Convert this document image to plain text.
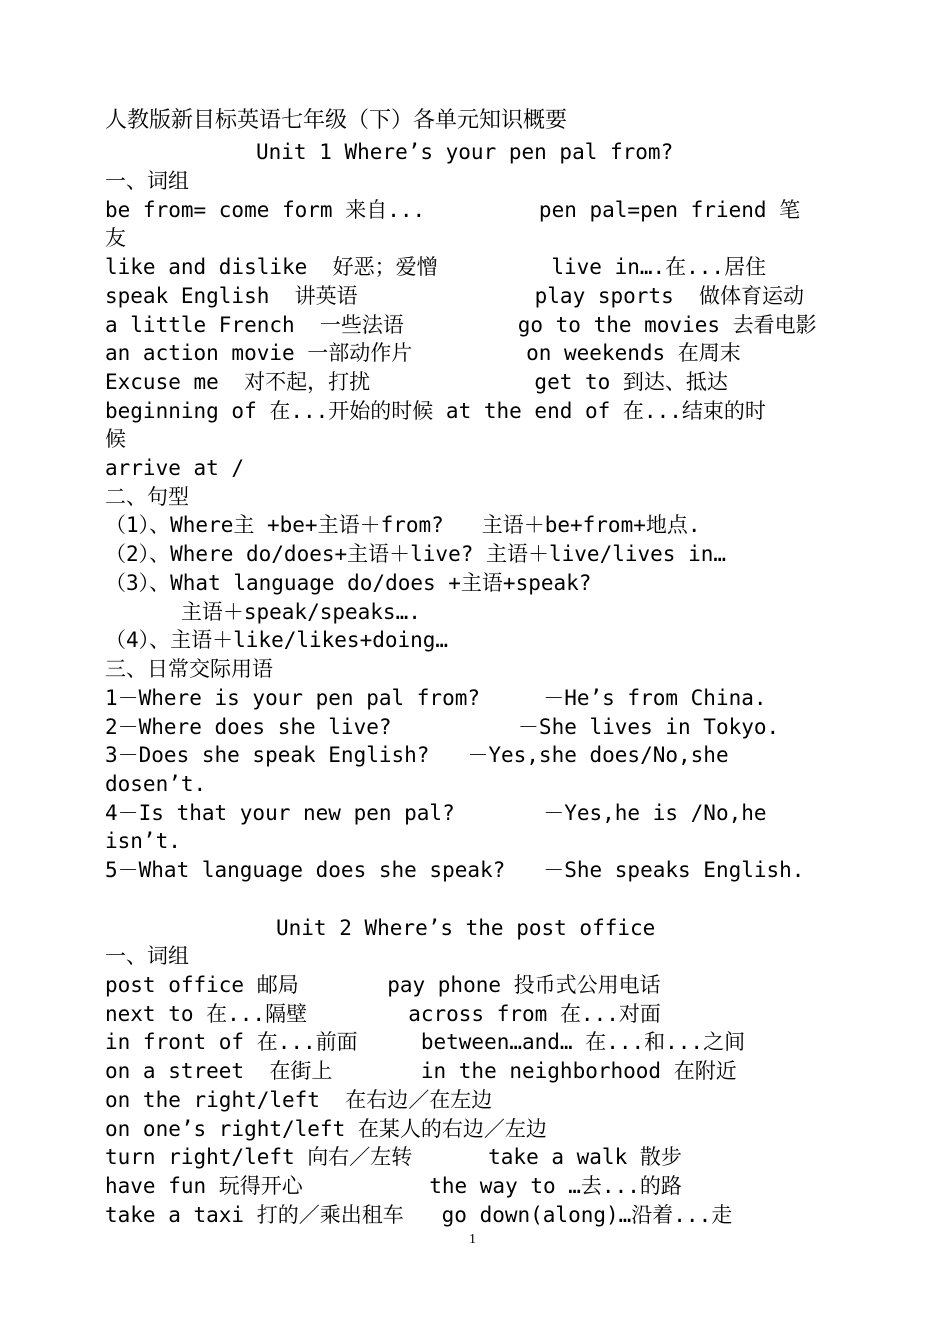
人教版新目标英语七年级（下）各单元知识概要
Unit 1 Where’s your pen pal from?
一、词组
be from= come form 来自...         pen pal=pen friend 笔
友
like and dislike  好恶；爱憎         live in….在...居住
speak English  讲英语              play sports  做体育运动
a little French  一些法语         go to the movies 去看电影
an action movie 一部动作片         on weekends 在周末
Excuse me  对不起，打扰             get to 到达、抵达
beginning of 在...开始的时候 at the end of 在...结束的时
候
arrive at /
二、句型
（1）、Where主 +be+主语＋from?   主语＋be+from+地点.
（2）、Where do/does+主语＋live? 主语＋live/lives in…
（3）、What language do/does +主语+speak?
主语＋speak/speaks….
（4）、主语＋like/likes+doing…
三、日常交际用语
1－Where is your pen pal from?     －He’s from China.
2－Where does she live?          －She lives in Tokyo.
3－Does she speak English?   －Yes,she does/No,she
dosen’t.
4－Is that your new pen pal?       －Yes,he is /No,he
isn’t.
5－What language does she speak?   －She speaks English.
Unit 2 Where’s the post office
一、词组
post office 邮局       pay phone 投币式公用电话
next to 在...隔壁        across from 在...对面
in front of 在...前面     between…and… 在...和...之间
on a street  在街上       in the neighborhood 在附近
on the right/left  在右边／在左边
on one’s right/left 在某人的右边／左边
turn right/left 向右／左转      take a walk 散步
have fun 玩得开心          the way to …去...的路
take a taxi 打的／乘出租车   go down(along)…沿着...走
1
